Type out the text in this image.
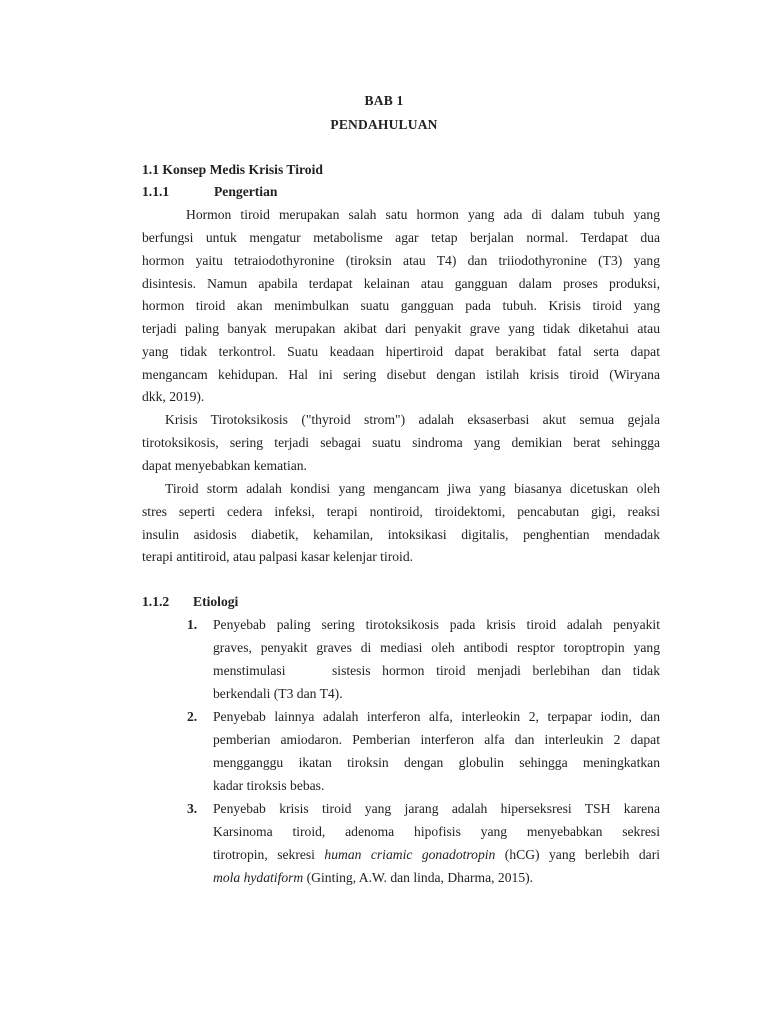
BAB 1
PENDAHULUAN
1.1 Konsep Medis Krisis Tiroid
1.1.1	Pengertian
Hormon tiroid merupakan salah satu hormon yang ada di dalam tubuh yang
berfungsi untuk mengatur metabolisme agar tetap berjalan normal. Terdapat dua
hormon yaitu tetraiodothyronine (tiroksin atau T4) dan triiodothyronine (T3) yang
disintesis. Namun apabila terdapat kelainan atau gangguan dalam proses produksi,
hormon tiroid akan menimbulkan suatu gangguan pada tubuh. Krisis tiroid yang
terjadi paling banyak merupakan akibat dari penyakit grave yang tidak diketahui atau
yang tidak terkontrol. Suatu keadaan hipertiroid dapat berakibat fatal serta dapat
mengancam kehidupan. Hal ini sering disebut dengan istilah krisis tiroid (Wiryana
dkk, 2019).
Krisis Tirotoksikosis ("thyroid strom") adalah eksaserbasi akut semua gejala
tirotoksikosis, sering terjadi sebagai suatu sindroma yang demikian berat sehingga
dapat menyebabkan kematian.
Tiroid storm adalah kondisi yang mengancam jiwa yang biasanya dicetuskan oleh
stres seperti cedera infeksi, terapi nontiroid, tiroidektomi, pencabutan gigi, reaksi
insulin asidosis diabetik, kehamilan, intoksikasi digitalis, penghentian mendadak
terapi antitiroid, atau palpasi kasar kelenjar tiroid.
1.1.2 Etiologi
1. Penyebab paling sering tirotoksikosis pada krisis tiroid adalah penyakit
graves, penyakit graves di mediasi oleh antibodi resptor toroptropin yang
menstimulasi    sistesis hormon tiroid menjadi berlebihan dan tidak
berkendali (T3 dan T4).
2. Penyebab lainnya adalah interferon alfa, interleokin 2, terpapar iodin, dan
pemberian amiodaron. Pemberian interferon alfa dan interleukin 2 dapat
mengganggu ikatan tiroksin dengan globulin sehingga meningkatkan
kadar tiroksis bebas.
3. Penyebab krisis tiroid yang jarang adalah hiperseksresi TSH karena
Karsinoma tiroid, adenoma hipofisis yang menyebabkan sekresi
tirotropin, sekresi human criamic gonadotropin (hCG) yang berlebih dari
mola hydatiform (Ginting, A.W. dan linda, Dharma, 2015).
